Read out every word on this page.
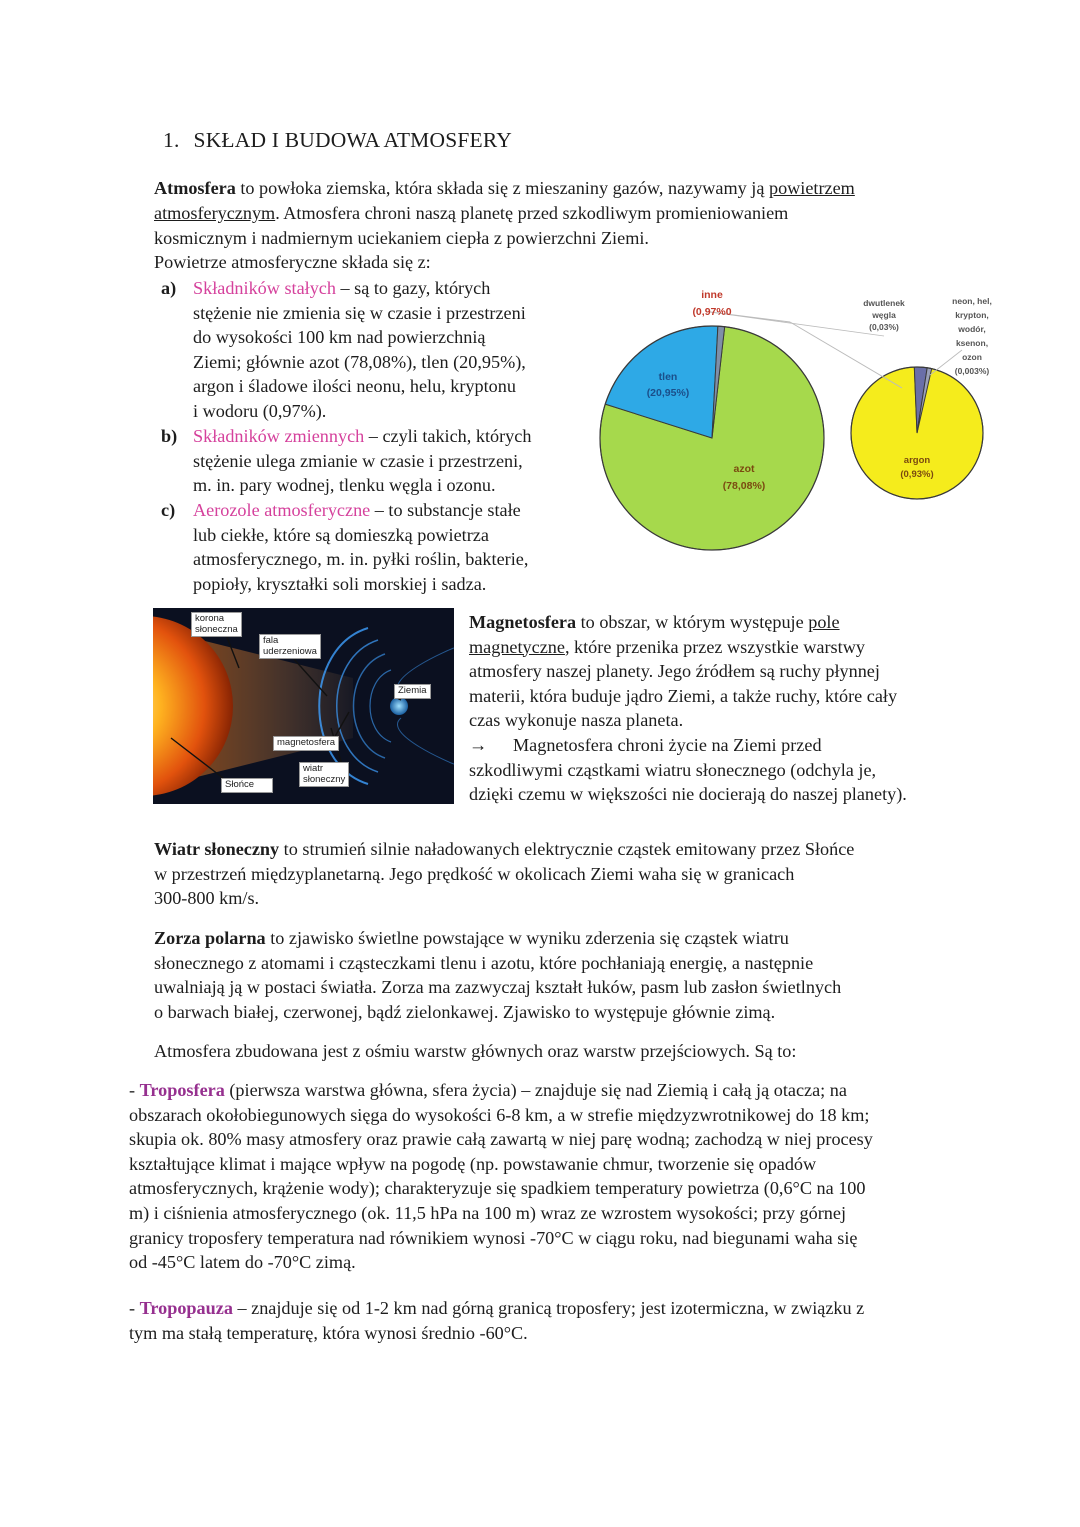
1. SKŁAD I BUDOWA ATMOSFERY
Atmosfera to powłoka ziemska, która składa się z mieszaniny gazów, nazywamy ją powietrzem
atmosferycznym. Atmosfera chroni naszą planetę przed szkodliwym promieniowaniem
kosmicznym i nadmiernym uciekaniem ciepła z powierzchni Ziemi.
Powietrze atmosferyczne składa się z:
a) Składników stałych – są to gazy, których
stężenie nie zmienia się w czasie i przestrzeni
do wysokości 100 km nad powierzchnią
Ziemi; głównie azot (78,08%), tlen (20,95%),
argon i śladowe ilości neonu, helu, kryptonu
i wodoru (0,97%).
b) Składników zmiennych – czyli takich, których
stężenie ulega zmianie w czasie i przestrzeni,
m. in. pary wodnej, tlenku węgla i ozonu.
c) Aerozole atmosferyczne – to substancje stałe
lub ciekłe, które są domieszką powietrza
atmosferycznego, m. in. pyłki roślin, bakterie,
popioły, kryształki soli morskiej i sadza.
tlen
(20,95%)
azot
(78,08%)
inne
(0,97%0
argon
(0,93%)
dwutlenek
węgla
(0,03%)
neon, hel,
krypton,
wodór,
ksenon,
ozon
(0,003%)
korona
słoneczna
fala
uderzeniowa
Ziemia
magnetosfera
wiatr
słoneczny
Słońce
Magnetosfera to obszar, w którym występuje pole
magnetyczne, które przenika przez wszystkie warstwy
atmosfery naszej planety. Jego źródłem są ruchy płynnej
materii, która buduje jądro Ziemi, a także ruchy, które cały
czas wykonuje nasza planeta.
→ Magnetosfera chroni życie na Ziemi przed
szkodliwymi cząstkami wiatru słonecznego (odchyla je,
dzięki czemu w większości nie docierają do naszej planety).
Wiatr słoneczny to strumień silnie naładowanych elektrycznie cząstek emitowany przez Słońce
w przestrzeń międzyplanetarną. Jego prędkość w okolicach Ziemi waha się w granicach
300-800 km/s.
Zorza polarna to zjawisko świetlne powstające w wyniku zderzenia się cząstek wiatru
słonecznego z atomami i cząsteczkami tlenu i azotu, które pochłaniają energię, a następnie
uwalniają ją w postaci światła. Zorza ma zazwyczaj kształt łuków, pasm lub zasłon świetlnych
o barwach białej, czerwonej, bądź zielonkawej. Zjawisko to występuje głównie zimą.
Atmosfera zbudowana jest z ośmiu warstw głównych oraz warstw przejściowych. Są to:
- Troposfera (pierwsza warstwa główna, sfera życia) – znajduje się nad Ziemią i całą ją otacza; na
obszarach okołobiegunowych sięga do wysokości 6-8 km, a w strefie międzyzwrotnikowej do 18 km;
skupia ok. 80% masy atmosfery oraz prawie całą zawartą w niej parę wodną; zachodzą w niej procesy
kształtujące klimat i mające wpływ na pogodę (np. powstawanie chmur, tworzenie się opadów
atmosferycznych, krążenie wody); charakteryzuje się spadkiem temperatury powietrza (0,6°C na 100
m) i ciśnienia atmosferycznego (ok. 11,5 hPa na 100 m) wraz ze wzrostem wysokości; przy górnej
granicy troposfery temperatura nad równikiem wynosi -70°C w ciągu roku, nad biegunami waha się
od -45°C latem do -70°C zimą.
- Tropopauza – znajduje się od 1-2 km nad górną granicą troposfery; jest izotermiczna, w związku z
tym ma stałą temperaturę, która wynosi średnio -60°C.
